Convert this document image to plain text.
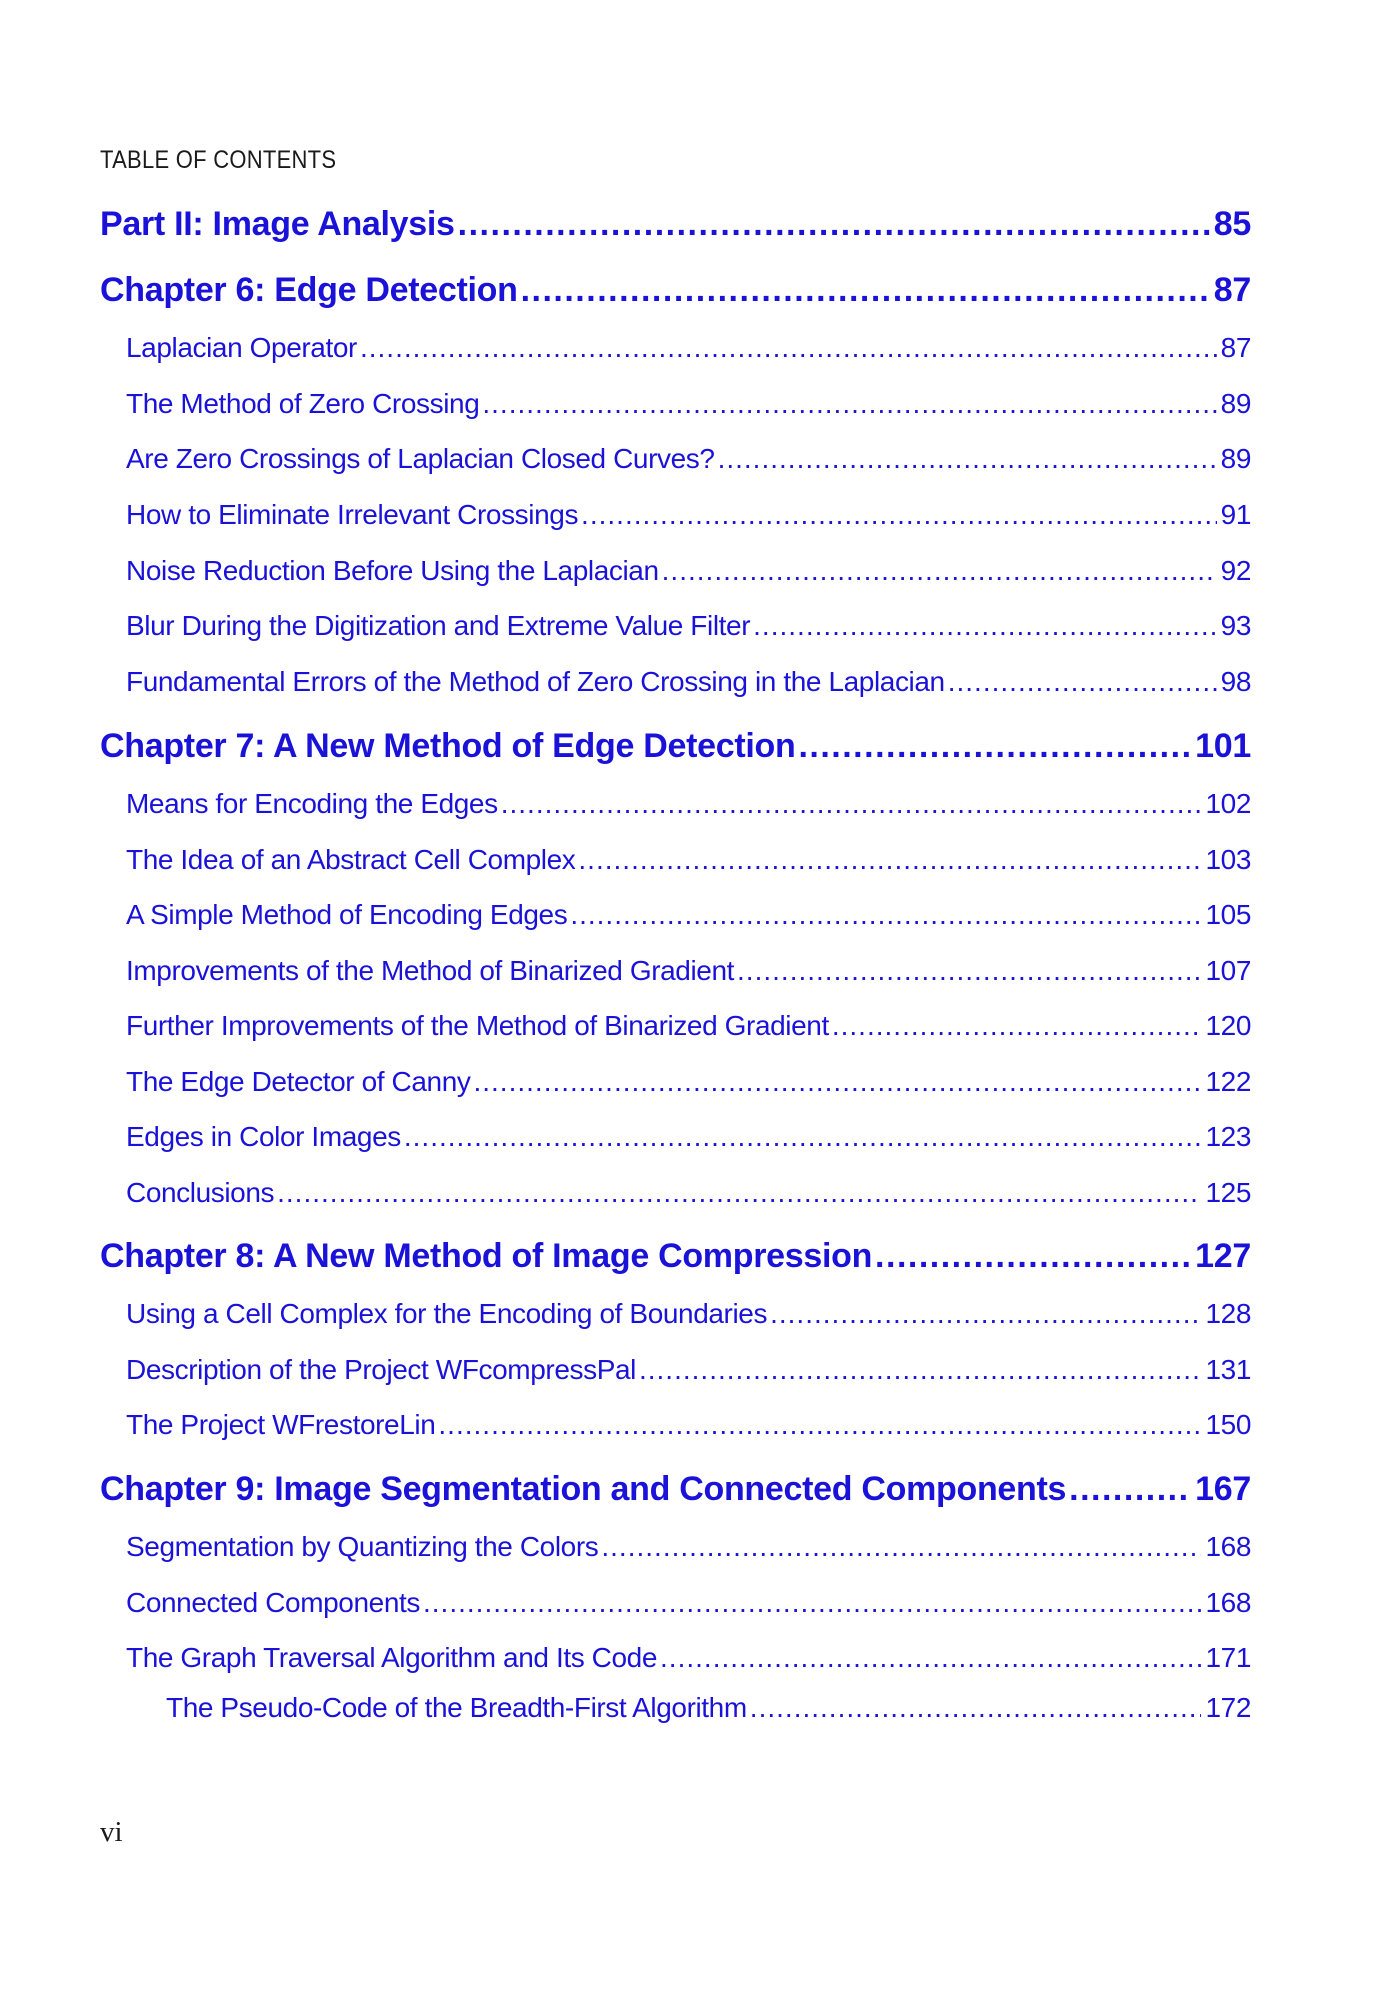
TABLE OF CONTENTS
Part II: Image Analysis .....	85
Chapter 6: Edge Detection .....	87
Laplacian Operator .....	87
The Method of Zero Crossing .....	89
Are Zero Crossings of Laplacian Closed Curves? .....	89
How to Eliminate Irrelevant Crossings .....	91
Noise Reduction Before Using the Laplacian .....	92
Blur During the Digitization and Extreme Value Filter .....	93
Fundamental Errors of the Method of Zero Crossing in the Laplacian .....	98
Chapter 7: A New Method of Edge Detection .....	101
Means for Encoding the Edges .....	102
The Idea of an Abstract Cell Complex .....	103
A Simple Method of Encoding Edges .....	105
Improvements of the Method of Binarized Gradient .....	107
Further Improvements of the Method of Binarized Gradient .....	120
The Edge Detector of Canny .....	122
Edges in Color Images .....	123
Conclusions .....	125
Chapter 8: A New Method of Image Compression .....	127
Using a Cell Complex for the Encoding of Boundaries .....	128
Description of the Project WFcompressPal .....	131
The Project WFrestoreLin .....	150
Chapter 9: Image Segmentation and Connected Components .....	167
Segmentation by Quantizing the Colors .....	168
Connected Components .....	168
The Graph Traversal Algorithm and Its Code .....	171
The Pseudo-Code of the Breadth-First Algorithm .....	172
vi
